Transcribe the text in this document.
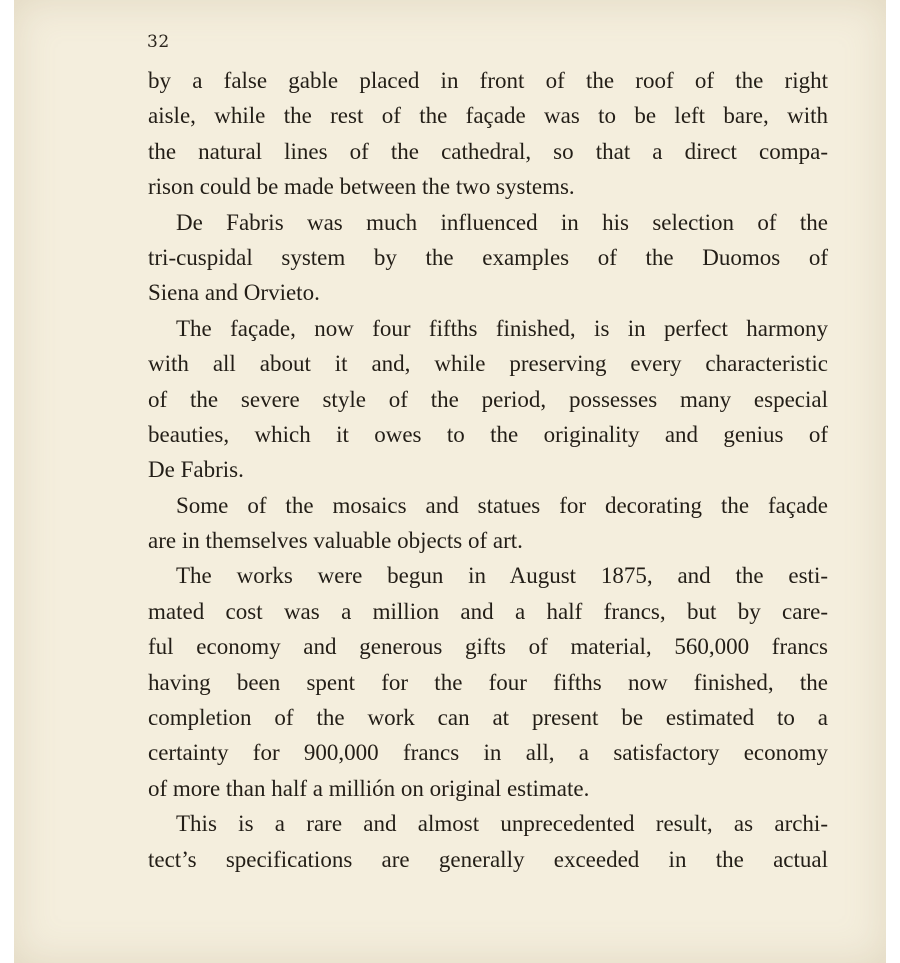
32
by a false gable placed in front of the roof of the right
aisle, while the rest of the façade was to be left bare, with
the natural lines of the cathedral, so that a direct compa-
rison could be made between the two systems.
De Fabris was much influenced in his selection of the
tri-cuspidal system by the examples of the Duomos of
Siena and Orvieto.
The façade, now four fifths finished, is in perfect harmony
with all about it and, while preserving every characteristic
of the severe style of the period, possesses many especial
beauties, which it owes to the originality and genius of
De Fabris.
Some of the mosaics and statues for decorating the façade
are in themselves valuable objects of art.
The works were begun in August 1875, and the esti-
mated cost was a million and a half francs, but by care-
ful economy and generous gifts of material, 560,000 francs
having been spent for the four fifths now finished, the
completion of the work can at present be estimated to a
certainty for 900,000 francs in all, a satisfactory economy
of more than half a millión on original estimate.
This is a rare and almost unprecedented result, as archi-
tect’s specifications are generally exceeded in the actual
